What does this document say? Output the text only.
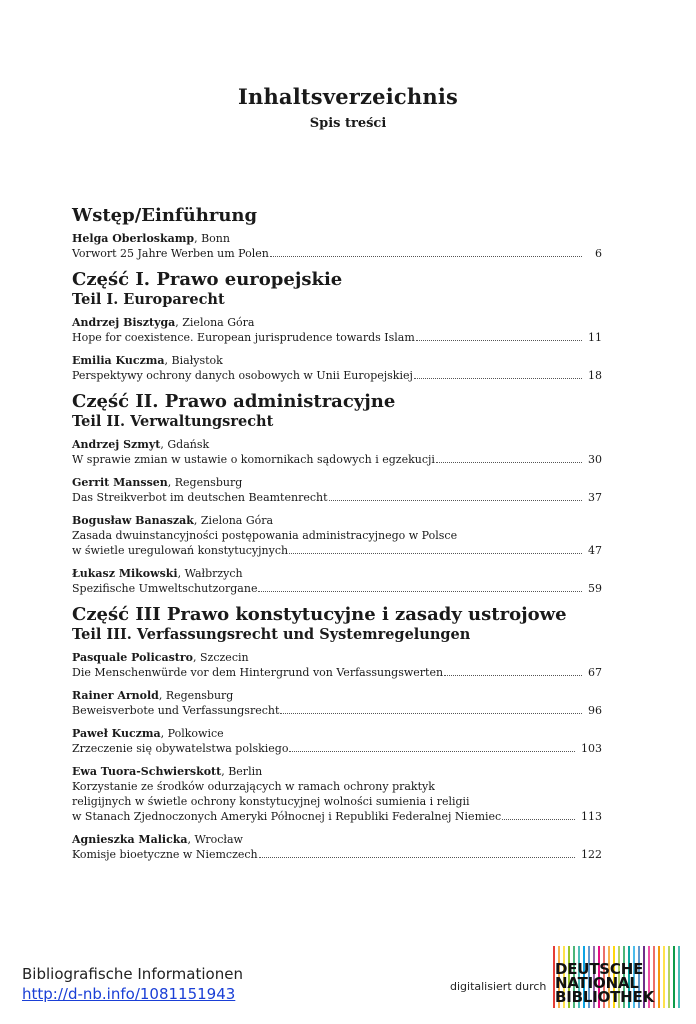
Inhaltsverzeichnis
Spis treści
Wstęp/Einführung
Helga Oberloskamp, Bonn
Vorwort 25 Jahre Werben um Polen	6
Część I. Prawo europejskie
Teil I. Europarecht
Andrzej Bisztyga, Zielona Góra
Hope for coexistence. European jurisprudence towards Islam	11
Emilia Kuczma, Białystok
Perspektywy ochrony danych osobowych w Unii Europejskiej	18
Część II. Prawo administracyjne
Teil II. Verwaltungsrecht
Andrzej Szmyt, Gdańsk
W sprawie zmian w ustawie o komornikach sądowych i egzekucji	30
Gerrit Manssen, Regensburg
Das Streikverbot im deutschen Beamtenrecht	37
Bogusław Banaszak, Zielona Góra
Zasada dwuinstancyjności postępowania administracyjnego w Polsce
w świetle uregulowań konstytucyjnych	47
Łukasz Mikowski, Wałbrzych
Spezifische Umweltschutzorgane	59
Część III Prawo konstytucyjne i zasady ustrojowe
Teil III. Verfassungsrecht und Systemregelungen
Pasquale Policastro, Szczecin
Die Menschenwürde vor dem Hintergrund von Verfassungswerten	67
Rainer Arnold, Regensburg
Beweisverbote und Verfassungsrecht	96
Paweł Kuczma, Polkowice
Zrzeczenie się obywatelstwa polskiego	103
Ewa Tuora-Schwierskott, Berlin
Korzystanie ze środków odurzających w ramach ochrony praktyk
religijnych w świetle ochrony konstytucyjnej wolności sumienia i religii
w Stanach Zjednoczonych Ameryki Północnej i Republiki Federalnej Niemiec	113
Agnieszka Malicka, Wrocław
Komisje bioetyczne w Niemczech	122
Bibliografische Informationen
http://d-nb.info/1081151943	digitalisiert durch
DEUTSCHE
NATIONAL
BIBLIOTHEK
